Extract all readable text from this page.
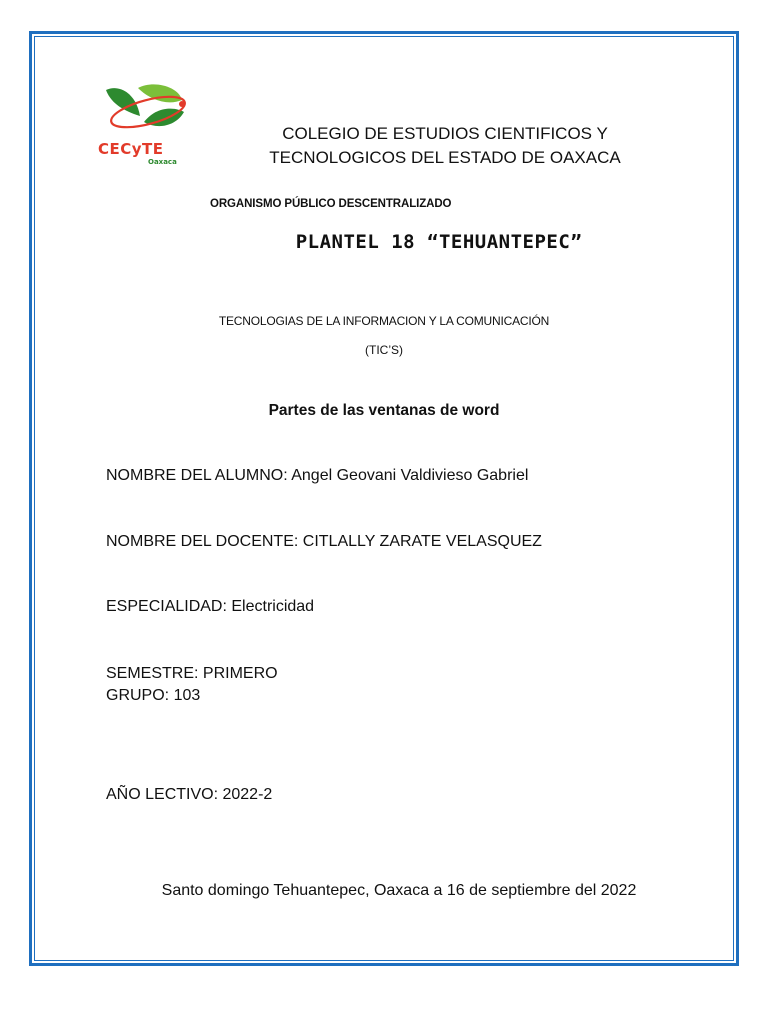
CECyTE
Oaxaca
COLEGIO DE ESTUDIOS CIENTIFICOS Y
TECNOLOGICOS DEL ESTADO DE OAXACA
ORGANISMO PÚBLICO DESCENTRALIZADO
PLANTEL 18 “TEHUANTEPEC”
TECNOLOGIAS DE LA INFORMACION Y LA COMUNICACIÓN
(TIC’S)
Partes de las ventanas de word
NOMBRE DEL ALUMNO: Angel Geovani Valdivieso Gabriel
NOMBRE DEL DOCENTE: CITLALLY ZARATE VELASQUEZ
ESPECIALIDAD: Electricidad
SEMESTRE: PRIMERO
GRUPO: 103
AÑO LECTIVO: 2022-2
Santo domingo Tehuantepec, Oaxaca a 16 de septiembre del 2022
